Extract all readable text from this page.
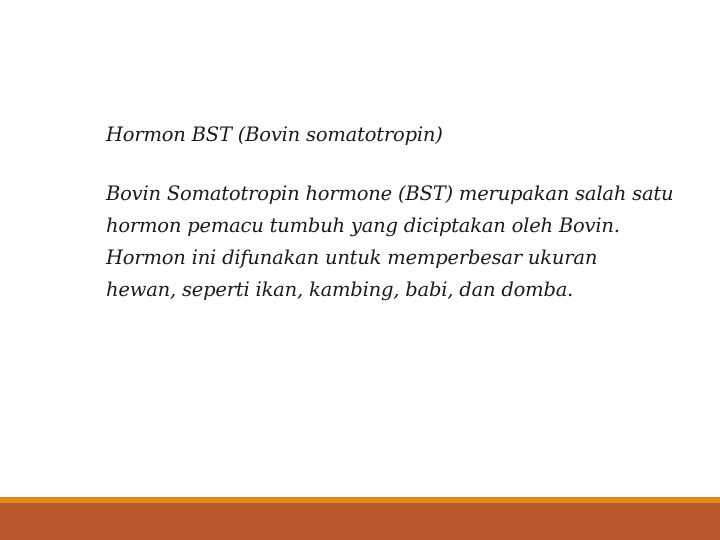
Hormon BST (Bovin somatotropin)

Bovin Somatotropin hormone (BST) merupakan salah satu
hormon pemacu tumbuh yang diciptakan oleh Bovin.
Hormon ini difunakan untuk memperbesar ukuran
hewan, seperti ikan, kambing, babi, dan domba.
